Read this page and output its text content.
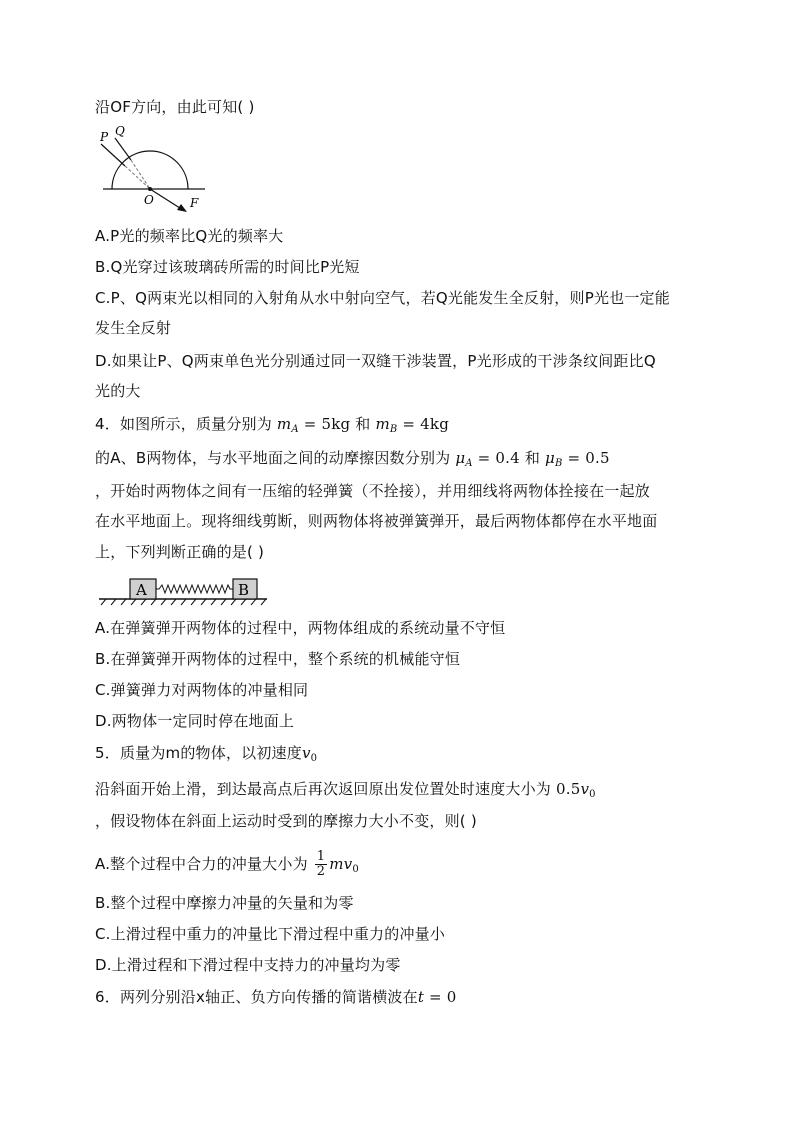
沿OF方向，由此可知( )
P Q
O	F
A.P光的频率比Q光的频率大
B.Q光穿过该玻璃砖所需的时间比P光短
C.P、Q两束光以相同的入射角从水中射向空气，若Q光能发生全反射，则P光也一定能
发生全反射
D.如果让P、Q两束单色光分别通过同一双缝干涉装置，P光形成的干涉条纹间距比Q
光的大
4．如图所示，质量分别为 $m_A = 5kg$ 和 $m_B = 4kg$
的A、B两物体，与水平地面之间的动摩擦因数分别为 $\mu_A = 0.4$ 和 $\mu_B = 0.5$
，开始时两物体之间有一压缩的轻弹簧（不拴接），并用细线将两物体拴接在一起放
在水平地面上。现将细线剪断，则两物体将被弹簧弹开，最后两物体都停在水平地面
上，下列判断正确的是( )
A	B
A.在弹簧弹开两物体的过程中，两物体组成的系统动量不守恒
B.在弹簧弹开两物体的过程中，整个系统的机械能守恒
C.弹簧弹力对两物体的冲量相同
D.两物体一定同时停在地面上
5．质量为m的物体，以初速度$v_0$
沿斜面开始上滑，到达最高点后再次返回原出发位置处时速度大小为 $0.5v_0$
，假设物体在斜面上运动时受到的摩擦力大小不变，则( )
A.整个过程中合力的冲量大小为 $\frac{1}{2} mv_0$
B.整个过程中摩擦力冲量的矢量和为零
C.上滑过程中重力的冲量比下滑过程中重力的冲量小
D.上滑过程和下滑过程中支持力的冲量均为零
6．两列分别沿x轴正、负方向传播的简谐横波在t = 0
